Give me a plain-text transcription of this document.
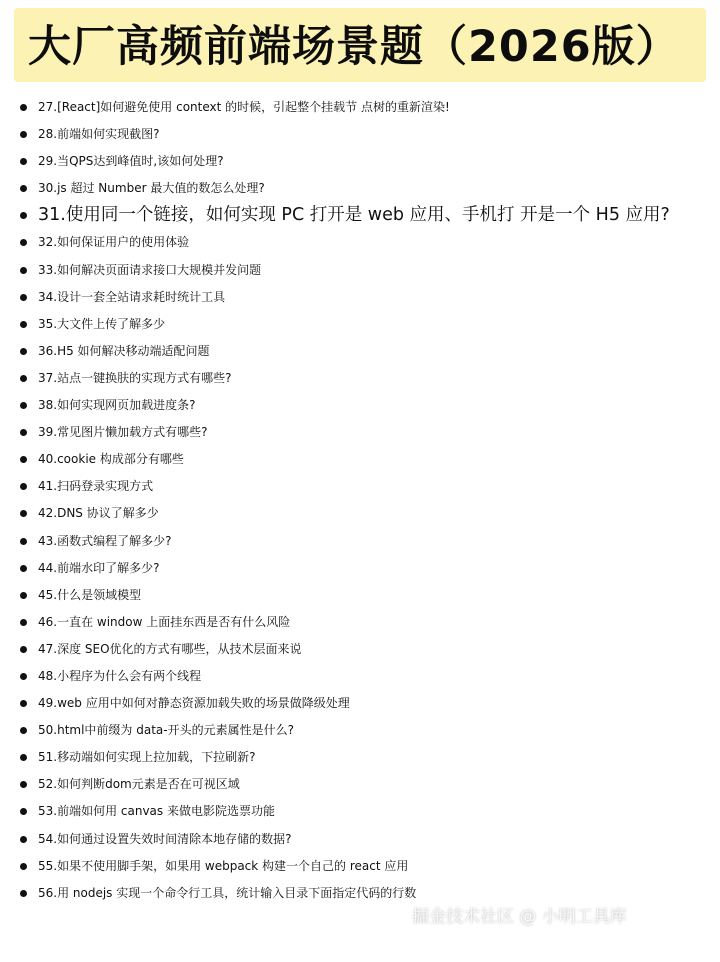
大厂高频前端场景题（2026版）
27.[React]如何避免使用 context 的时候，引起整个挂载节 点树的重新渲染!
28.前端如何实现截图?
29.当QPS达到峰值时,该如何处理?
30.js 超过 Number 最大值的数怎么处理?
31.使用同一个链接，如何实现 PC 打开是 web 应用、手机打 开是一个 H5 应用?
32.如何保证用户的使用体验
33.如何解决页面请求接口大规模并发问题
34.设计一套全站请求耗时统计工具
35.大文件上传了解多少
36.H5 如何解决移动端适配问题
37.站点一键换肤的实现方式有哪些?
38.如何实现网页加载进度条?
39.常见图片懒加载方式有哪些?
40.cookie 构成部分有哪些
41.扫码登录实现方式
42.DNS 协议了解多少
43.函数式编程了解多少?
44.前端水印了解多少?
45.什么是领域模型
46.一直在 window 上面挂东西是否有什么风险
47.深度 SEO优化的方式有哪些，从技术层面来说
48.小程序为什么会有两个线程
49.web 应用中如何对静态资源加载失败的场景做降级处理
50.html中前缀为 data-开头的元素属性是什么?
51.移动端如何实现上拉加载，下拉刷新?
52.如何判断dom元素是否在可视区域
53.前端如何用 canvas 来做电影院选票功能
54.如何通过设置失效时间清除本地存储的数据?
55.如果不使用脚手架，如果用 webpack 构建一个自己的 react 应用
56.用 nodejs 实现一个命令行工具，统计输入目录下面指定代码的行数
掘金技术社区 @ 小明工具库
